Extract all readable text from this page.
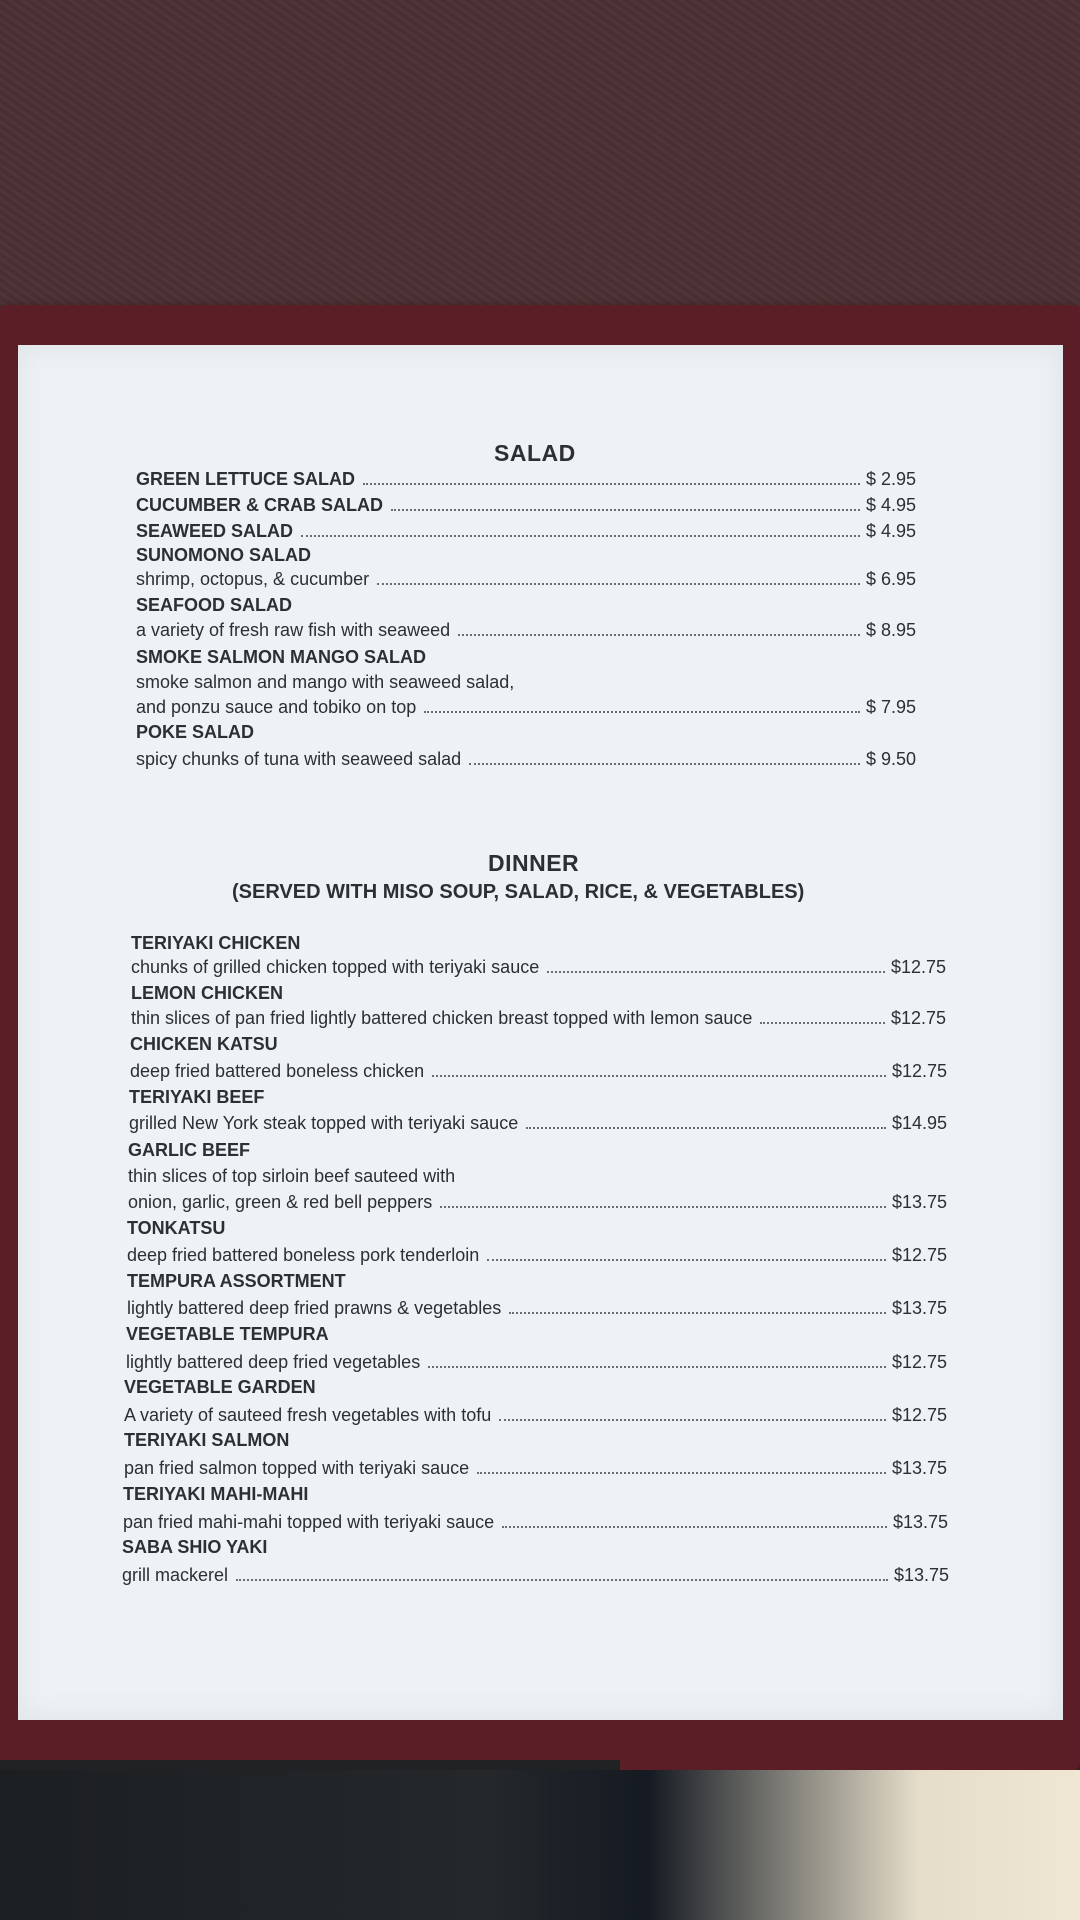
SALAD
GREEN LETTUCE SALAD	$ 2.95
CUCUMBER & CRAB SALAD	$ 4.95
SEAWEED SALAD	$ 4.95
SUNOMONO SALAD
shrimp, octopus, & cucumber	$ 6.95
SEAFOOD SALAD
a variety of fresh raw fish with seaweed	$ 8.95
SMOKE SALMON MANGO SALAD
smoke salmon and mango with seaweed salad,
and ponzu sauce and tobiko on top	$ 7.95
POKE SALAD
spicy chunks of tuna with seaweed salad	$ 9.50
DINNER
(SERVED WITH MISO SOUP, SALAD, RICE, & VEGETABLES)
TERIYAKI CHICKEN
chunks of grilled chicken topped with teriyaki sauce	$12.75
LEMON CHICKEN
thin slices of pan fried lightly battered chicken breast topped with lemon sauce	$12.75
CHICKEN KATSU
deep fried battered boneless chicken	$12.75
TERIYAKI BEEF
grilled New York steak topped with teriyaki sauce	$14.95
GARLIC BEEF
thin slices of top sirloin beef sauteed with
onion, garlic, green & red bell peppers	$13.75
TONKATSU
deep fried battered boneless pork tenderloin	$12.75
TEMPURA ASSORTMENT
lightly battered deep fried prawns & vegetables	$13.75
VEGETABLE TEMPURA
lightly battered deep fried vegetables	$12.75
VEGETABLE GARDEN
A variety of sauteed fresh vegetables with tofu	$12.75
TERIYAKI SALMON
pan fried salmon topped with teriyaki sauce	$13.75
TERIYAKI MAHI-MAHI
pan fried mahi-mahi topped with teriyaki sauce	$13.75
SABA SHIO YAKI
grill mackerel	$13.75
